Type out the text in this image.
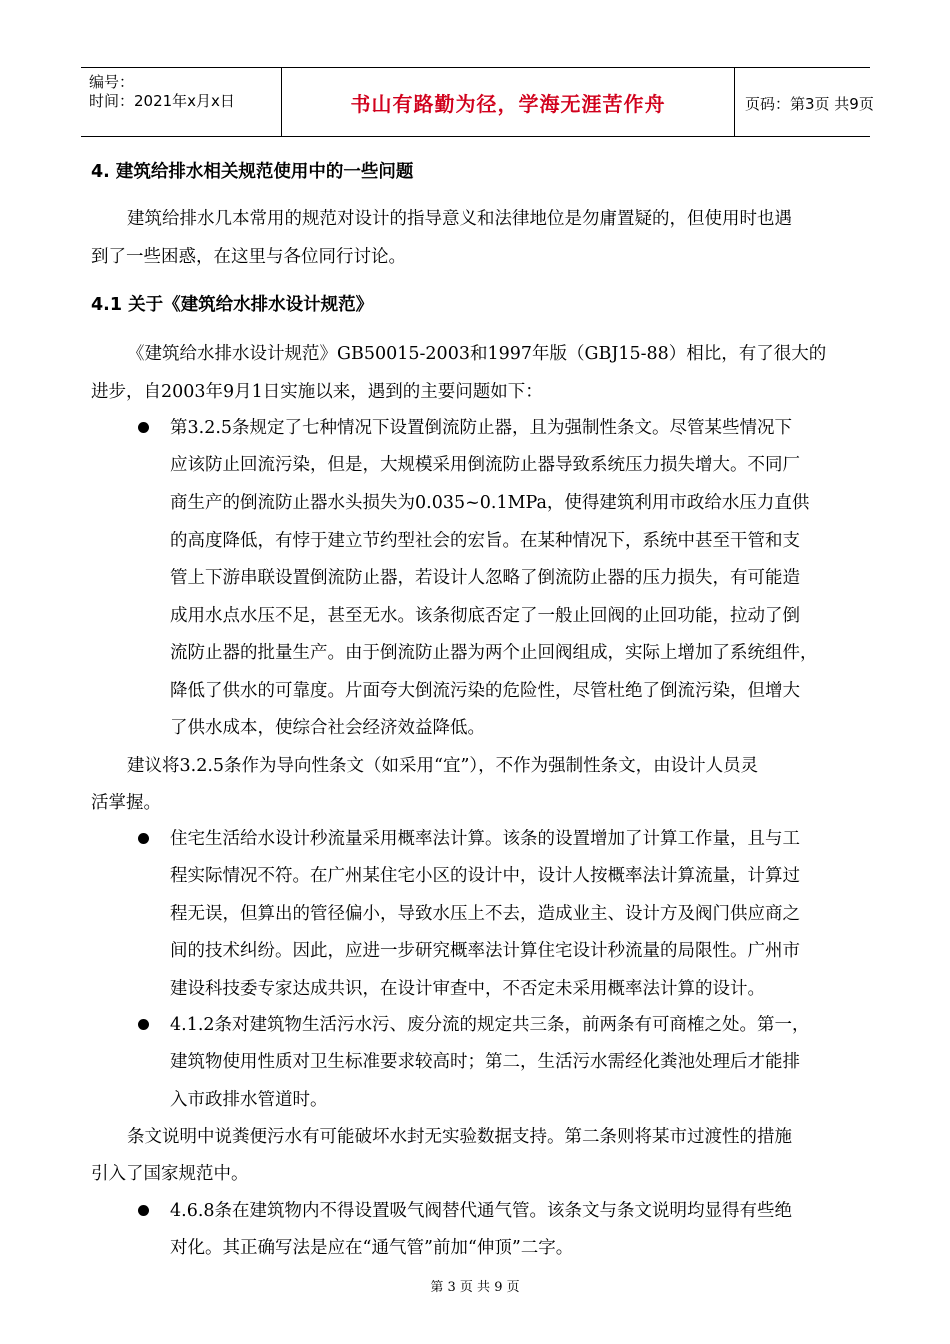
编号：
时间：2021年x月x日	书山有路勤为径，学海无涯苦作舟	页码：第3页 共9页
4. 建筑给排水相关规范使用中的一些问题
建筑给排水几本常用的规范对设计的指导意义和法律地位是勿庸置疑的，但使用时也遇
到了一些困惑，在这里与各位同行讨论。
4.1 关于《建筑给水排水设计规范》
《建筑给水排水设计规范》GB50015-2003和1997年版（GBJ15-88）相比，有了很大的
进步，自2003年9月1日实施以来，遇到的主要问题如下：
第3.2.5条规定了七种情况下设置倒流防止器，且为强制性条文。尽管某些情况下
应该防止回流污染，但是，大规模采用倒流防止器导致系统压力损失增大。不同厂
商生产的倒流防止器水头损失为0.035~0.1MPa，使得建筑利用市政给水压力直供
的高度降低，有悖于建立节约型社会的宏旨。在某种情况下，系统中甚至干管和支
管上下游串联设置倒流防止器，若设计人忽略了倒流防止器的压力损失，有可能造
成用水点水压不足，甚至无水。该条彻底否定了一般止回阀的止回功能，拉动了倒
流防止器的批量生产。由于倒流防止器为两个止回阀组成，实际上增加了系统组件，
降低了供水的可靠度。片面夸大倒流污染的危险性，尽管杜绝了倒流污染，但增大
了供水成本，使综合社会经济效益降低。
建议将3.2.5条作为导向性条文（如采用“宜”），不作为强制性条文，由设计人员灵
活掌握。
住宅生活给水设计秒流量采用概率法计算。该条的设置增加了计算工作量，且与工
程实际情况不符。在广州某住宅小区的设计中，设计人按概率法计算流量，计算过
程无误，但算出的管径偏小，导致水压上不去，造成业主、设计方及阀门供应商之
间的技术纠纷。因此，应进一步研究概率法计算住宅设计秒流量的局限性。广州市
建设科技委专家达成共识，在设计审查中，不否定未采用概率法计算的设计。
4.1.2条对建筑物生活污水污、废分流的规定共三条，前两条有可商榷之处。第一，
建筑物使用性质对卫生标准要求较高时；第二，生活污水需经化粪池处理后才能排
入市政排水管道时。
条文说明中说粪便污水有可能破坏水封无实验数据支持。第二条则将某市过渡性的措施
引入了国家规范中。
4.6.8条在建筑物内不得设置吸气阀替代通气管。该条文与条文说明均显得有些绝
对化。其正确写法是应在“通气管”前加“伸顶”二字。
第 3 页 共 9 页
